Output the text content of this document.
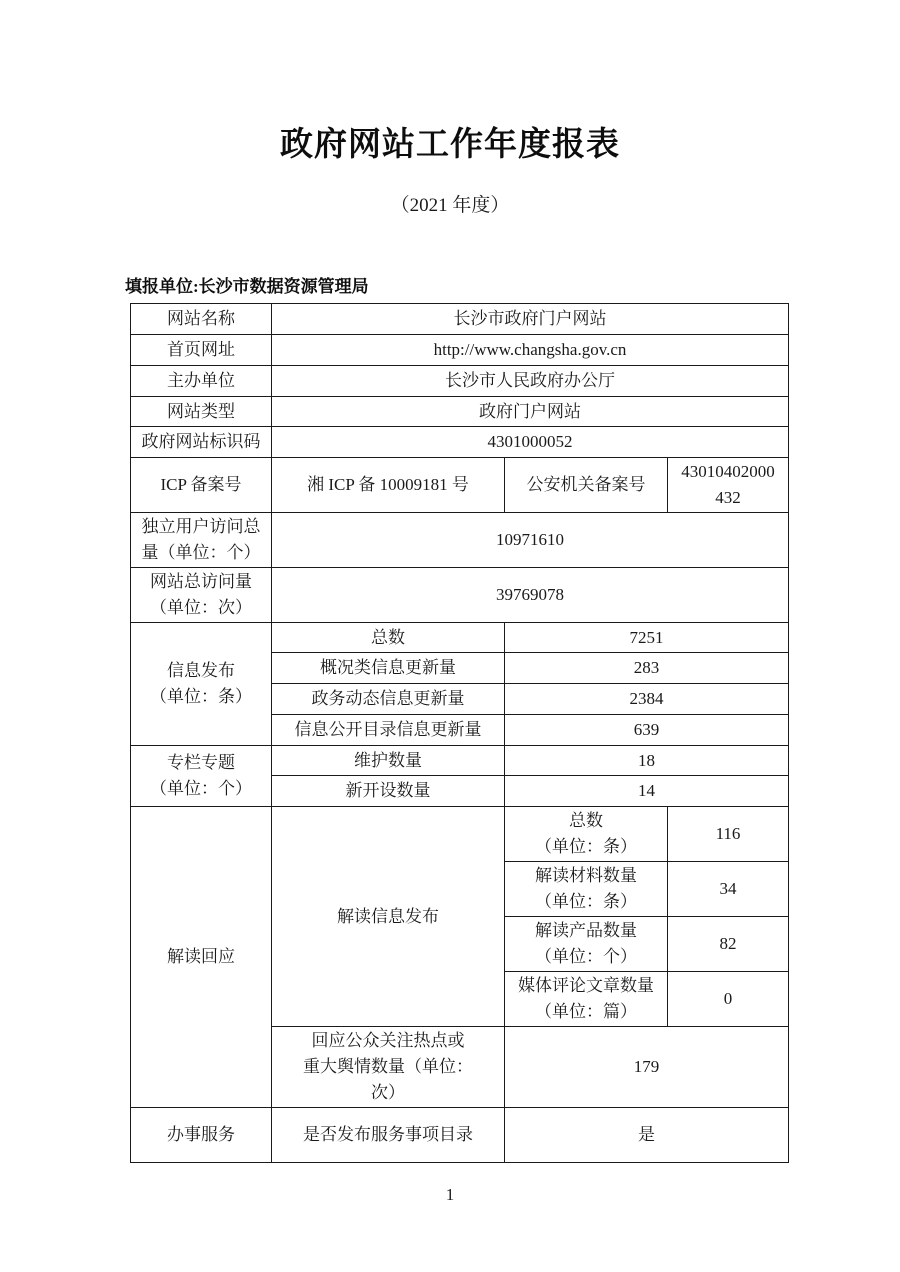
政府网站工作年度报表
（2021 年度）
填报单位:长沙市数据资源管理局
网站名称	长沙市政府门户网站		
首页网址	http://www.changsha.gov.cn		
主办单位	长沙市人民政府办公厅		
网站类型	政府门户网站		
政府网站标识码	4301000052		
ICP 备案号	湘 ICP 备 10009181 号	公安机关备案号	43010402000
432

独立用户访问总
量（单位：个）	10971610		

网站总访问量
（单位：次）	39769078		

信息发布
（单位：条）	总数	7251	
	概况类信息更新量	283	
	政务动态信息更新量	2384	
	信息公开目录信息更新量	639	

专栏专题
（单位：个）	维护数量	18	
	新开设数量	14	
解读回应	解读信息发布	总数
（单位：条）	116

		解读材料数量
（单位：条）	34

		解读产品数量
（单位：个）	82

		媒体评论文章数量
（单位：篇）	0

	回应公众关注热点或
重大舆情数量（单位：
次）	179	
办事服务	是否发布服务事项目录	是	
1
